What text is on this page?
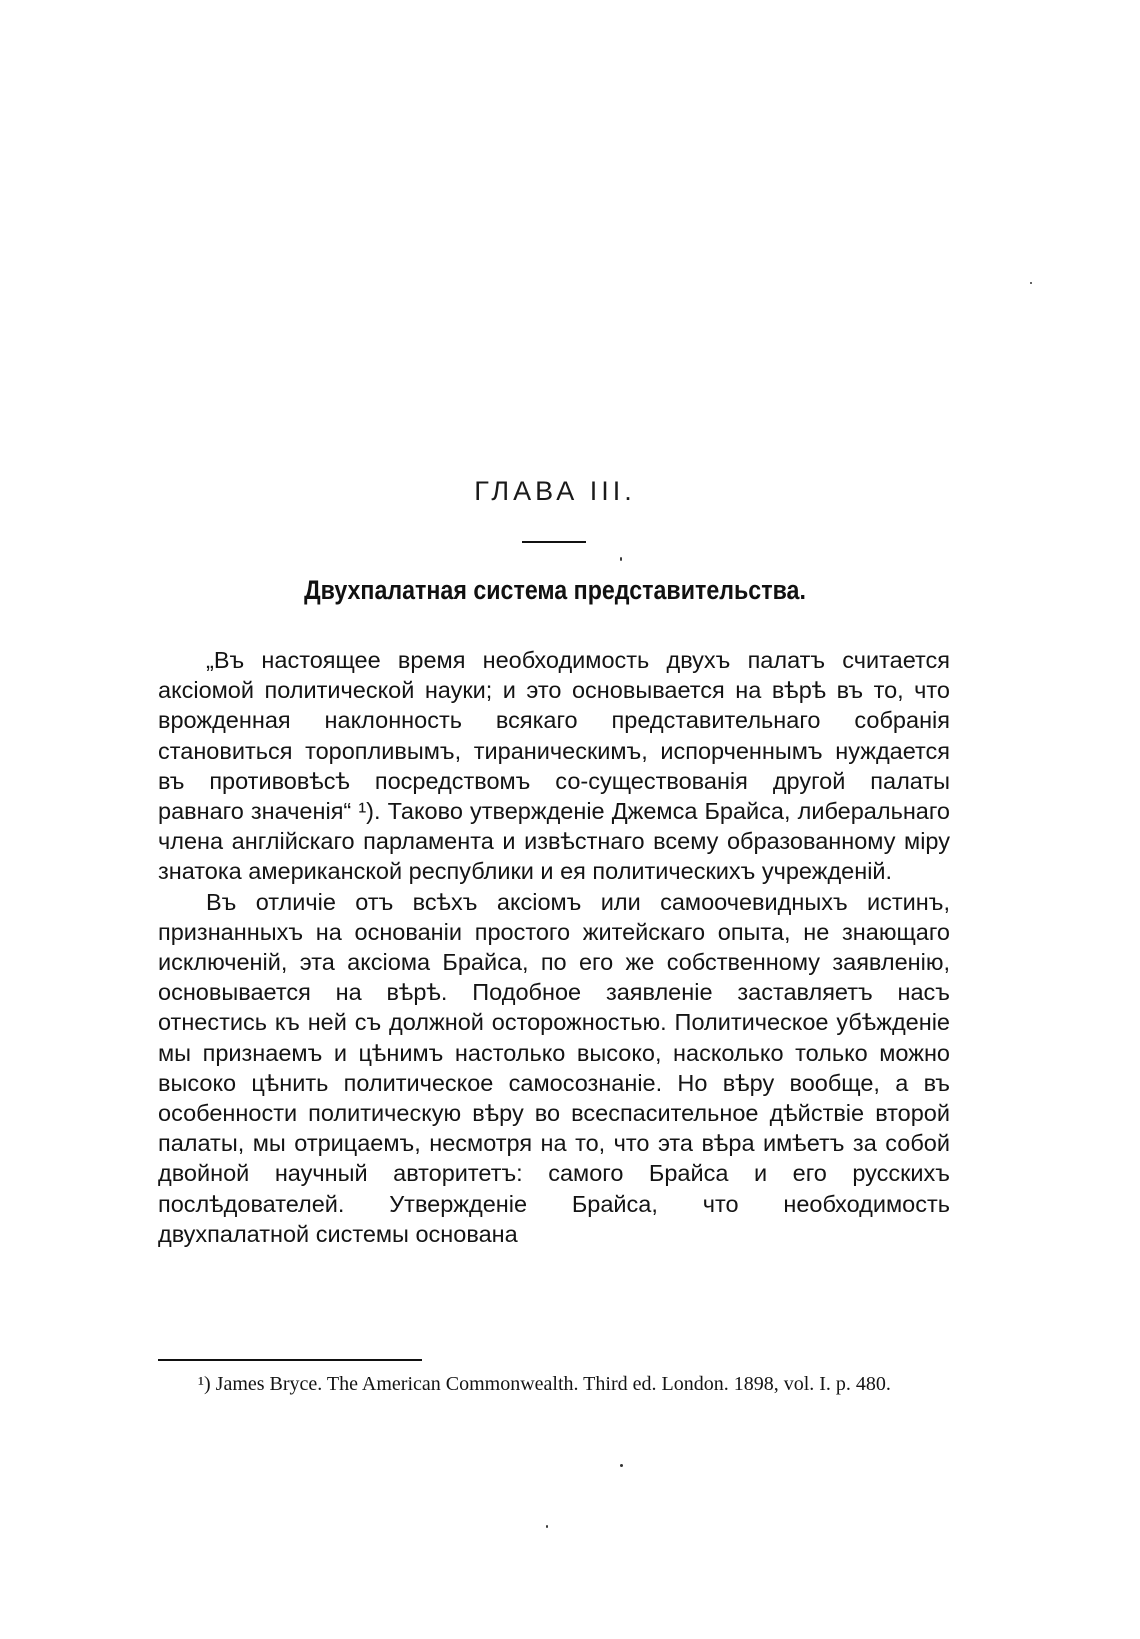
ГЛАВА III.
Двухпалатная система представительства.

„Въ настоящее время необходимость двухъ палатъ считается аксiомой политической науки; и это основывается на вѣрѣ въ то, что врожденная наклонность всякаго представительнаго собранiя становиться торопливымъ, тираническимъ, испорченнымъ нуждается въ противовѣсѣ посредствомъ со-существованiя другой палаты равнаго значенiя“ ¹). Таково утвержденiе Джемса Брайса, либеральнаго члена англiйскаго парламента и извѣстнаго всему образованному мiру знатока американской республики и ея политическихъ учрежденiй.

Въ отличiе отъ всѣхъ аксiомъ или самоочевидныхъ истинъ, признанныхъ на основанiи простого житейскаго опыта, не знающаго исключенiй, эта аксiома Брайса, по его же собственному заявленiю, основывается на вѣрѣ. Подобное заявленiе заставляетъ насъ отнестись къ ней съ должной осторожностью. Политическое убѣжденiе мы признаемъ и цѣнимъ настолько высоко, насколько только можно высоко цѣнить политическое самосознанiе. Но вѣру вообще, а въ особенности политическую вѣру во всеспасительное дѣйствiе второй палаты, мы отрицаемъ, несмотря на то, что эта вѣра имѣетъ за собой двойной научный авторитетъ: самого Брайса и его русскихъ послѣдователей. Утвержденiе Брайса, что необходимость двухпалатной системы основана

¹) James Bryce. The American Commonwealth. Third ed. London. 1898, vol. I. p. 480.
